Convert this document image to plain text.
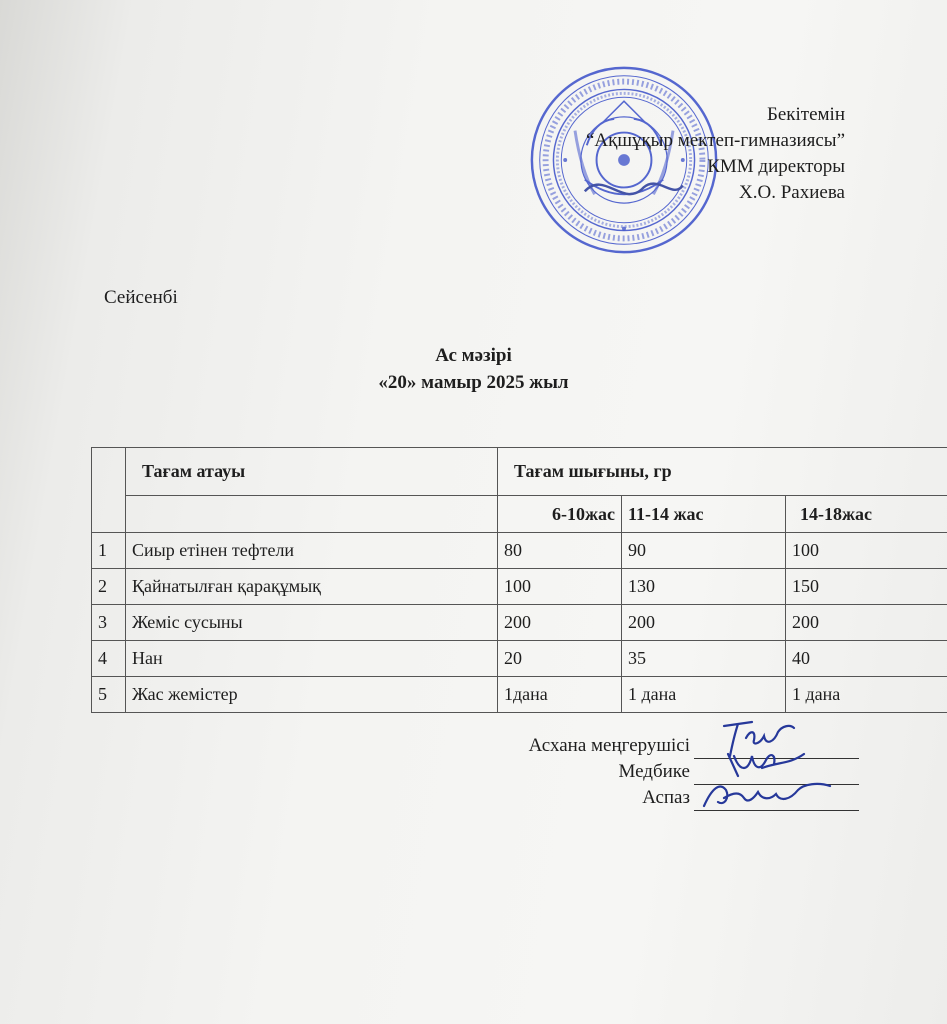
Бекітемін
“Ақшұқыр мектеп-гимназиясы”
КММ директоры
Х.О. Рахиева
Сейсенбі
Ас мәзірі
«20» мамыр 2025 жыл
	Тағам атауы	Тағам шығыны, гр		
		6-10жас	11-14 жас	14-18жас
1	Сиыр етінен тефтели	80	90	100
2	Қайнатылған қарақұмық	100	130	150
3	Жеміс сусыны	200	200	200
4	Нан	20	35	40
5	Жас жемістер	1дана	1 дана	1 дана
Асхана меңгерушісі
Медбике
Аспаз
